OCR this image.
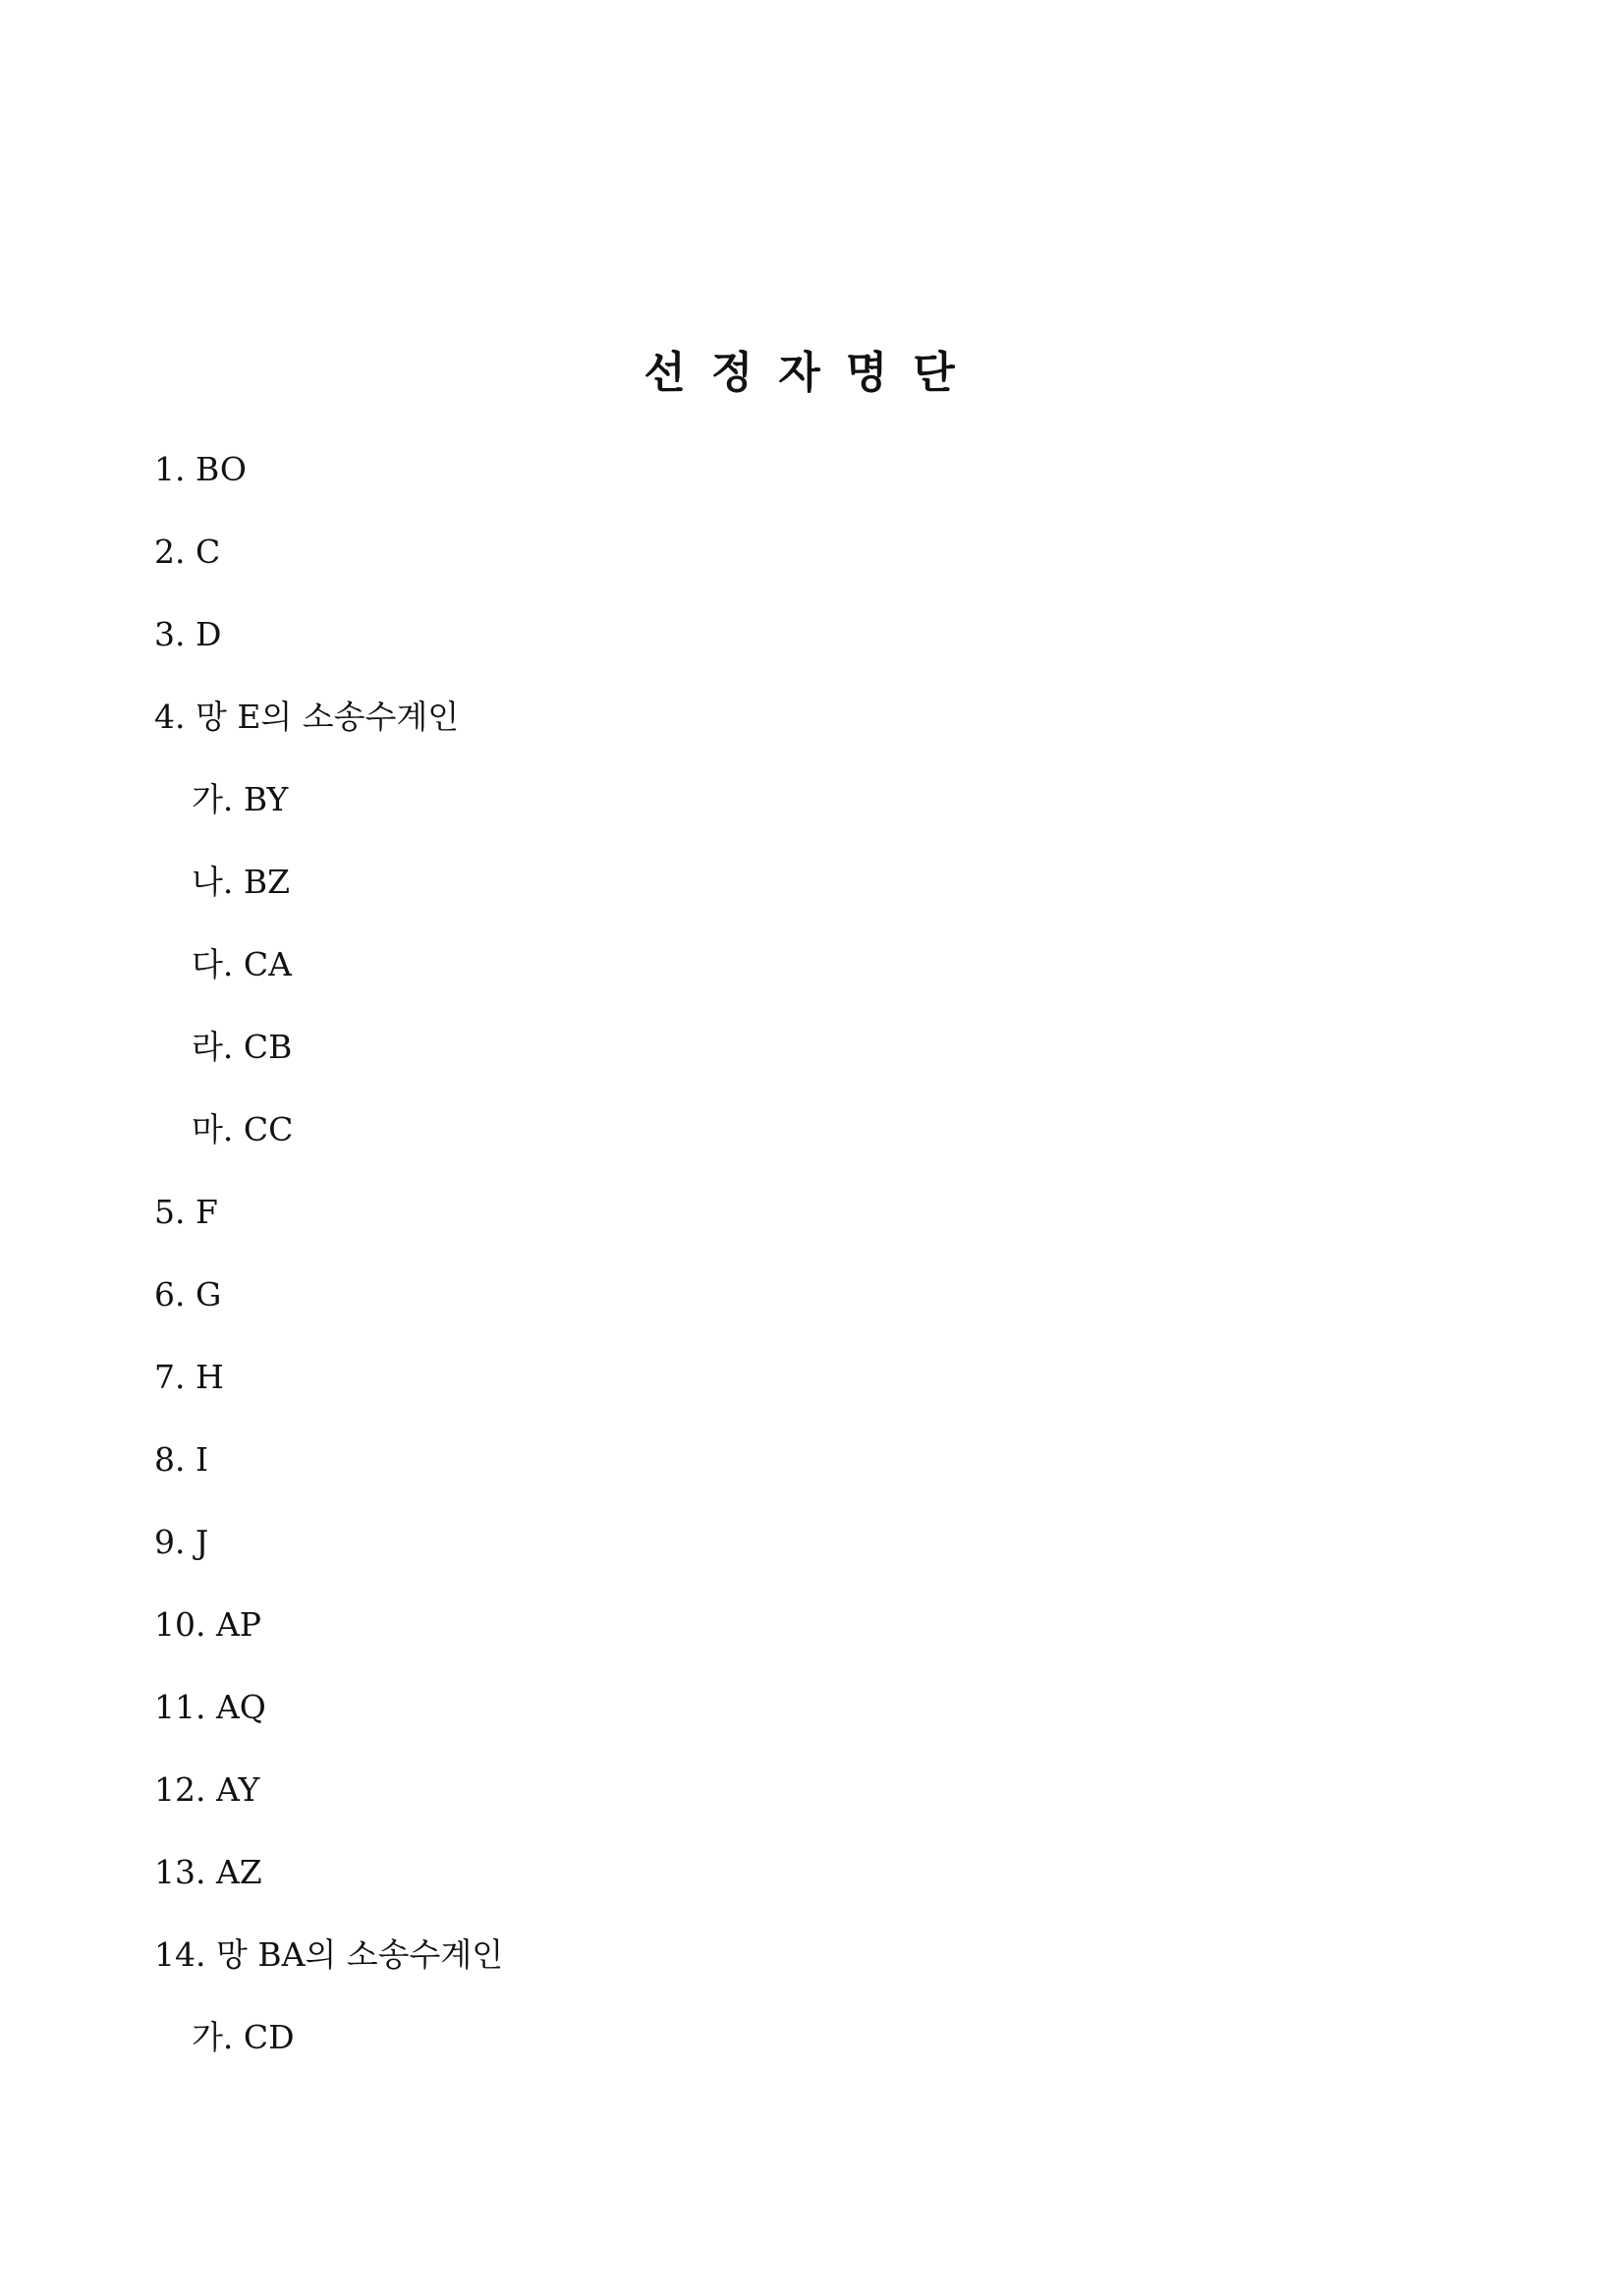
선정자명단
1. BO
2. C
3. D
4. 망 E의 소송수계인
가. BY
나. BZ
다. CA
라. CB
마. CC
5. F
6. G
7. H
8. I
9. J
10. AP
11. AQ
12. AY
13. AZ
14. 망 BA의 소송수계인
가. CD
